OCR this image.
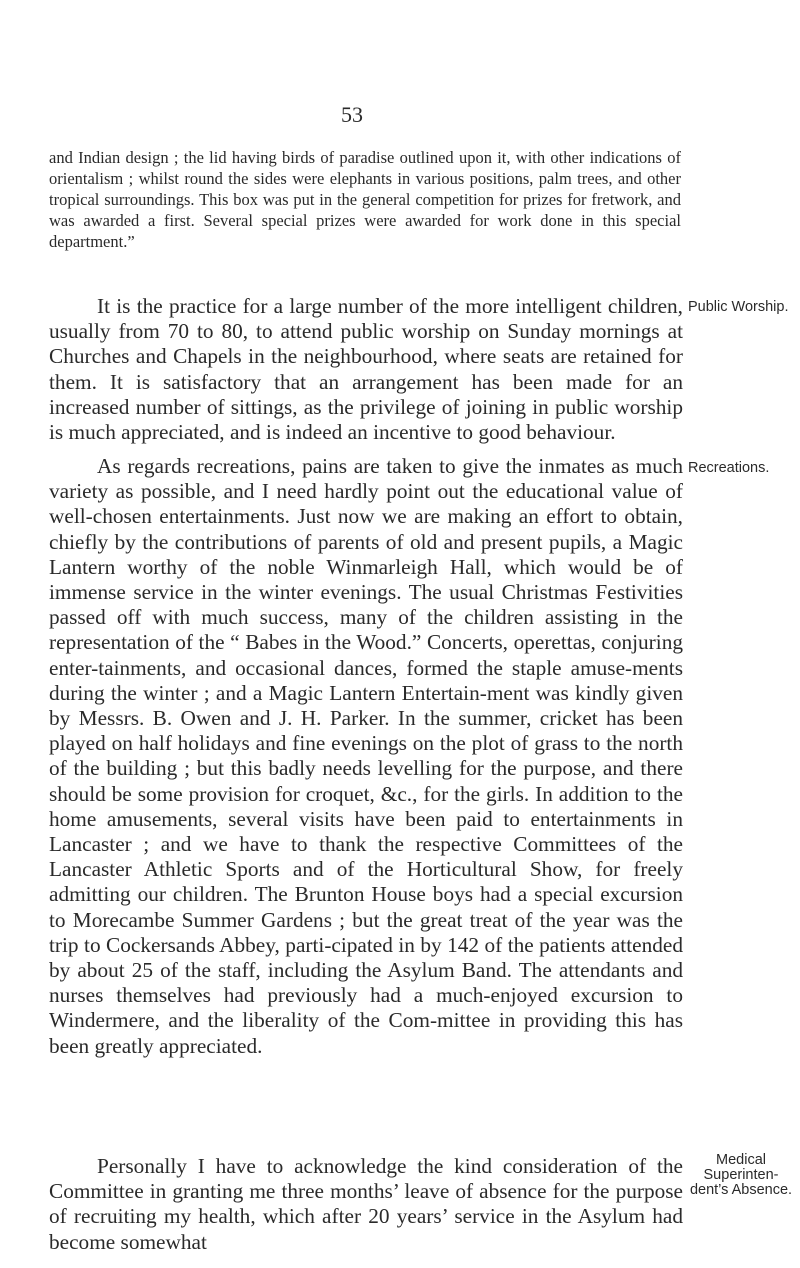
53

and Indian design ; the lid having birds of paradise outlined upon it, with other indications of orientalism ; whilst round the sides were elephants in various positions, palm trees, and other tropical surroundings. This box was put in the general competition for prizes for fretwork, and was awarded a first. Several special prizes were awarded for work done in this special department.”

It is the practice for a large number of the more intelligent children, usually from 70 to 80, to attend public worship on Sunday mornings at Churches and Chapels in the neighbourhood, where seats are retained for them. It is satisfactory that an arrangement has been made for an increased number of sittings, as the privilege of joining in public worship is much appreciated, and is indeed an incentive to good behaviour.

Public Worship.

As regards recreations, pains are taken to give the inmates as much variety as possible, and I need hardly point out the educational value of well-chosen entertainments. Just now we are making an effort to obtain, chiefly by the contributions of parents of old and present pupils, a Magic Lantern worthy of the noble Winmarleigh Hall, which would be of immense service in the winter evenings. The usual Christmas Festivities passed off with much success, many of the children assisting in the representation of the “ Babes in the Wood.” Concerts, operettas, conjuring enter-tainments, and occasional dances, formed the staple amuse-ments during the winter ; and a Magic Lantern Entertain-ment was kindly given by Messrs. B. Owen and J. H. Parker. In the summer, cricket has been played on half holidays and fine evenings on the plot of grass to the north of the building ; but this badly needs levelling for the purpose, and there should be some provision for croquet, &c., for the girls. In addition to the home amusements, several visits have been paid to entertainments in Lancaster ; and we have to thank the respective Committees of the Lancaster Athletic Sports and of the Horticultural Show, for freely admitting our children. The Brunton House boys had a special excursion to Morecambe Summer Gardens ; but the great treat of the year was the trip to Cockersands Abbey, parti-cipated in by 142 of the patients attended by about 25 of the staff, including the Asylum Band. The attendants and nurses themselves had previously had a much-enjoyed excursion to Windermere, and the liberality of the Com-mittee in providing this has been greatly appreciated.

Recreations.

Personally I have to acknowledge the kind consideration of the Committee in granting me three months’ leave of absence for the purpose of recruiting my health, which after 20 years’ service in the Asylum had become somewhat

Medical
Superinten-
dent’s Absence.
